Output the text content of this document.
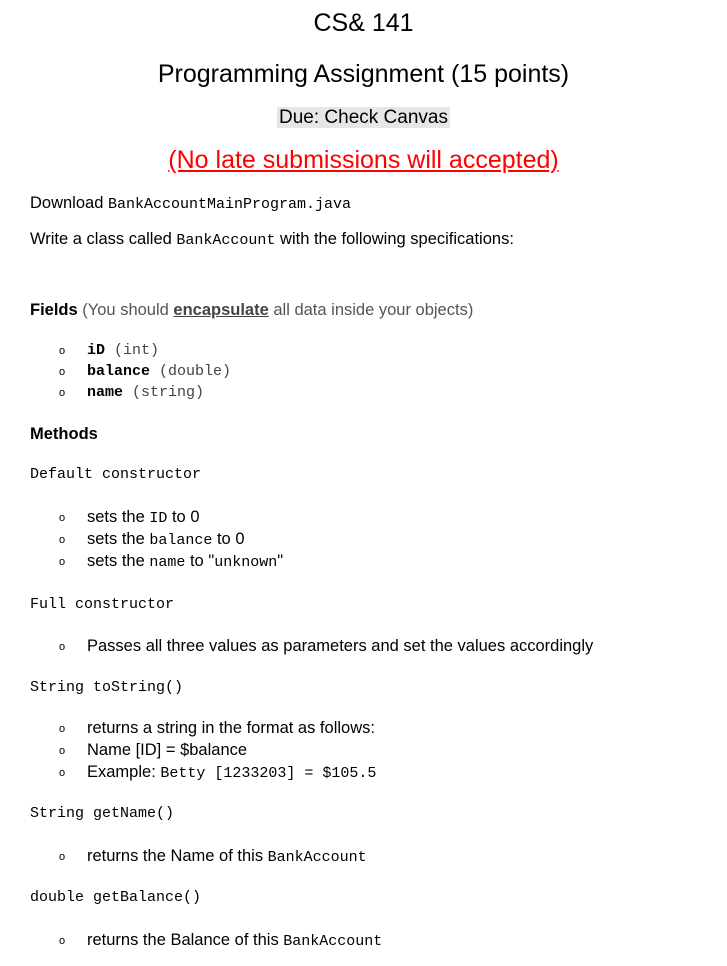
CS& 141
Programming Assignment (15 points)
Due: Check Canvas
(No late submissions will accepted)
Download BankAccountMainProgram.java
Write a class called BankAccount with the following specifications:
Fields (You should encapsulate all data inside your objects)
o iD (int)
o balance (double)
o name (string)
Methods
Default constructor
o sets the ID to 0
o sets the balance to 0
o sets the name to "unknown"
Full constructor
o Passes all three values as parameters and set the values accordingly
String toString()
o returns a string in the format as follows:
o Name [ID] = $balance
o Example: Betty [1233203] = $105.5
String getName()
o returns the Name of this BankAccount
double getBalance()
o returns the Balance of this BankAccount
